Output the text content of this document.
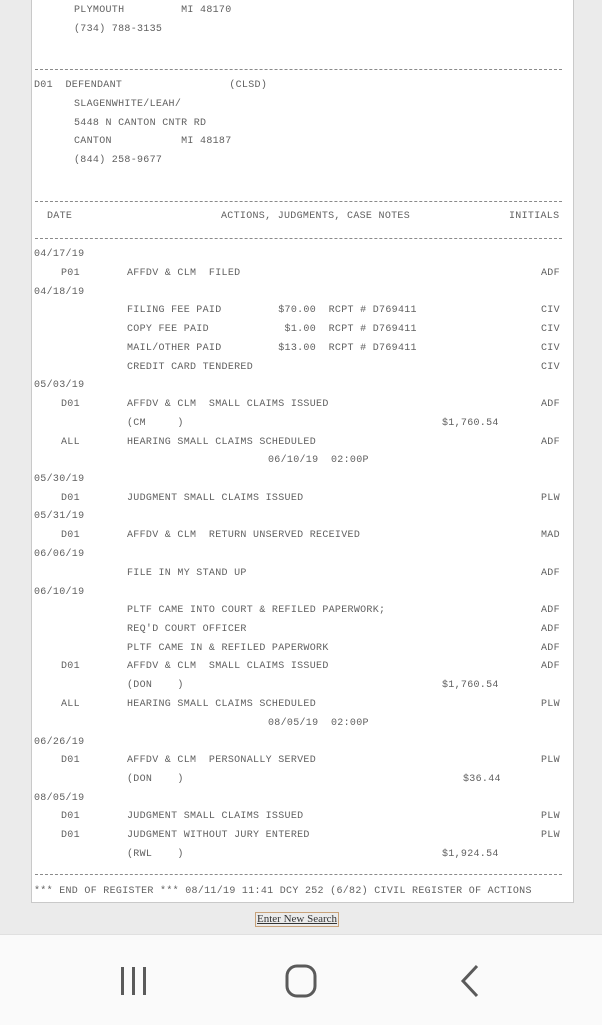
PLYMOUTH         MI 48170
(734) 788-3135
D01  DEFENDANT                 (CLSD)
SLAGENWHITE/LEAH/
5448 N CANTON CNTR RD
CANTON           MI 48187
(844) 258-9677
DATE	ACTIONS, JUDGMENTS, CASE NOTES	INITIALS
04/17/19
P01	AFFDV & CLM  FILED	ADF
04/18/19
FILING FEE PAID         $70.00  RCPT # D769411	CIV
COPY FEE PAID            $1.00  RCPT # D769411	CIV
MAIL/OTHER PAID         $13.00  RCPT # D769411	CIV
CREDIT CARD TENDERED	CIV
05/03/19
D01	AFFDV & CLM  SMALL CLAIMS ISSUED	ADF
(CM     )	$1,760.54
ALL	HEARING SMALL CLAIMS SCHEDULED	ADF
06/10/19  02:00P
05/30/19
D01	JUDGMENT SMALL CLAIMS ISSUED	PLW
05/31/19
D01	AFFDV & CLM  RETURN UNSERVED RECEIVED	MAD
06/06/19
FILE IN MY STAND UP	ADF
06/10/19
PLTF CAME INTO COURT & REFILED PAPERWORK;	ADF
REQ'D COURT OFFICER	ADF
PLTF CAME IN & REFILED PAPERWORK	ADF
D01	AFFDV & CLM  SMALL CLAIMS ISSUED	ADF
(DON    )	$1,760.54
ALL	HEARING SMALL CLAIMS SCHEDULED	PLW
08/05/19  02:00P
06/26/19
D01	AFFDV & CLM  PERSONALLY SERVED	PLW
(DON    )	$36.44
08/05/19
D01	JUDGMENT SMALL CLAIMS ISSUED	PLW
D01	JUDGMENT WITHOUT JURY ENTERED	PLW
(RWL    )	$1,924.54
*** END OF REGISTER *** 08/11/19 11:41 DCY 252 (6/82) CIVIL REGISTER OF ACTIONS
Enter New Search
